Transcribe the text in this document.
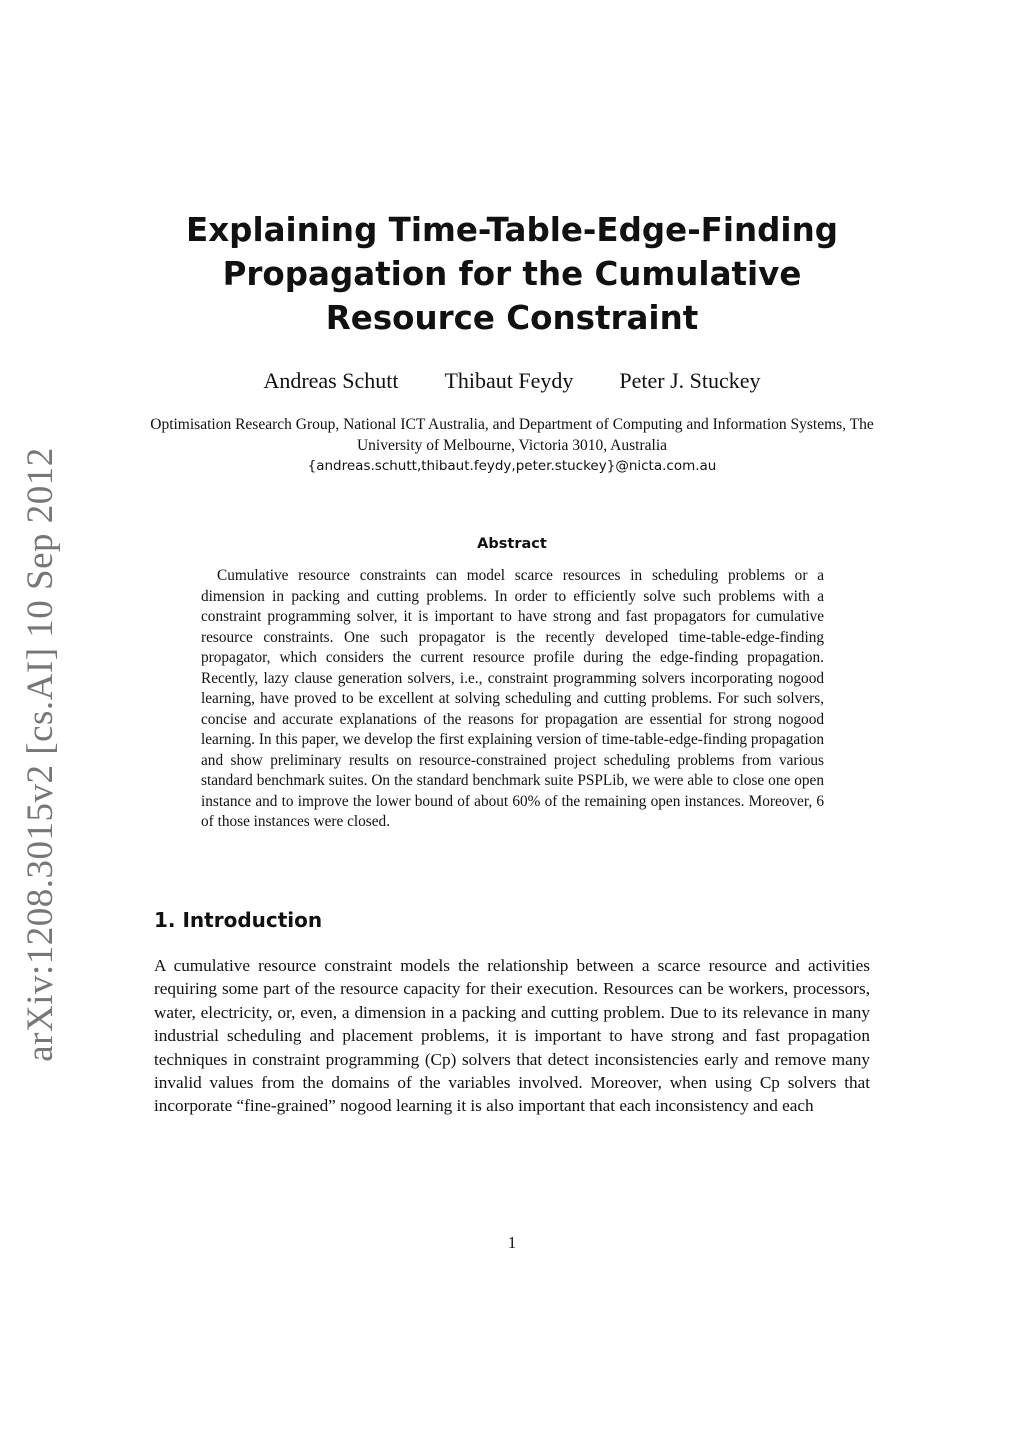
arXiv:1208.3015v2 [cs.AI] 10 Sep 2012
Explaining Time-Table-Edge-Finding Propagation for the Cumulative Resource Constraint
Andreas Schutt Thibaut Feydy Peter J. Stuckey
Optimisation Research Group, National ICT Australia, and Department of Computing and Information Systems, The University of Melbourne, Victoria 3010, Australia
{andreas.schutt,thibaut.feydy,peter.stuckey}@nicta.com.au
Abstract

Cumulative resource constraints can model scarce resources in scheduling problems or a dimension in packing and cutting problems. In order to efficiently solve such problems with a constraint programming solver, it is important to have strong and fast propagators for cumulative resource constraints. One such propagator is the recently developed time-table-edge-finding propagator, which considers the current resource profile during the edge-finding propagation. Recently, lazy clause generation solvers, i.e., constraint programming solvers incorporating nogood learning, have proved to be excellent at solving scheduling and cutting problems. For such solvers, concise and accurate explanations of the reasons for propagation are essential for strong nogood learning. In this paper, we develop the first explaining version of time-table-edge-finding propagation and show preliminary results on resource-constrained project scheduling problems from various standard benchmark suites. On the standard benchmark suite PSPLib, we were able to close one open instance and to improve the lower bound of about 60% of the remaining open instances. Moreover, 6 of those instances were closed.

1. Introduction

A cumulative resource constraint models the relationship between a scarce resource and activities requiring some part of the resource capacity for their execution. Resources can be workers, processors, water, electricity, or, even, a dimension in a packing and cutting problem. Due to its relevance in many industrial scheduling and placement problems, it is important to have strong and fast propagation techniques in constraint programming (Cp) solvers that detect inconsistencies early and remove many invalid values from the domains of the variables involved. Moreover, when using Cp solvers that incorporate “fine-grained” nogood learning it is also important that each inconsistency and each

1
